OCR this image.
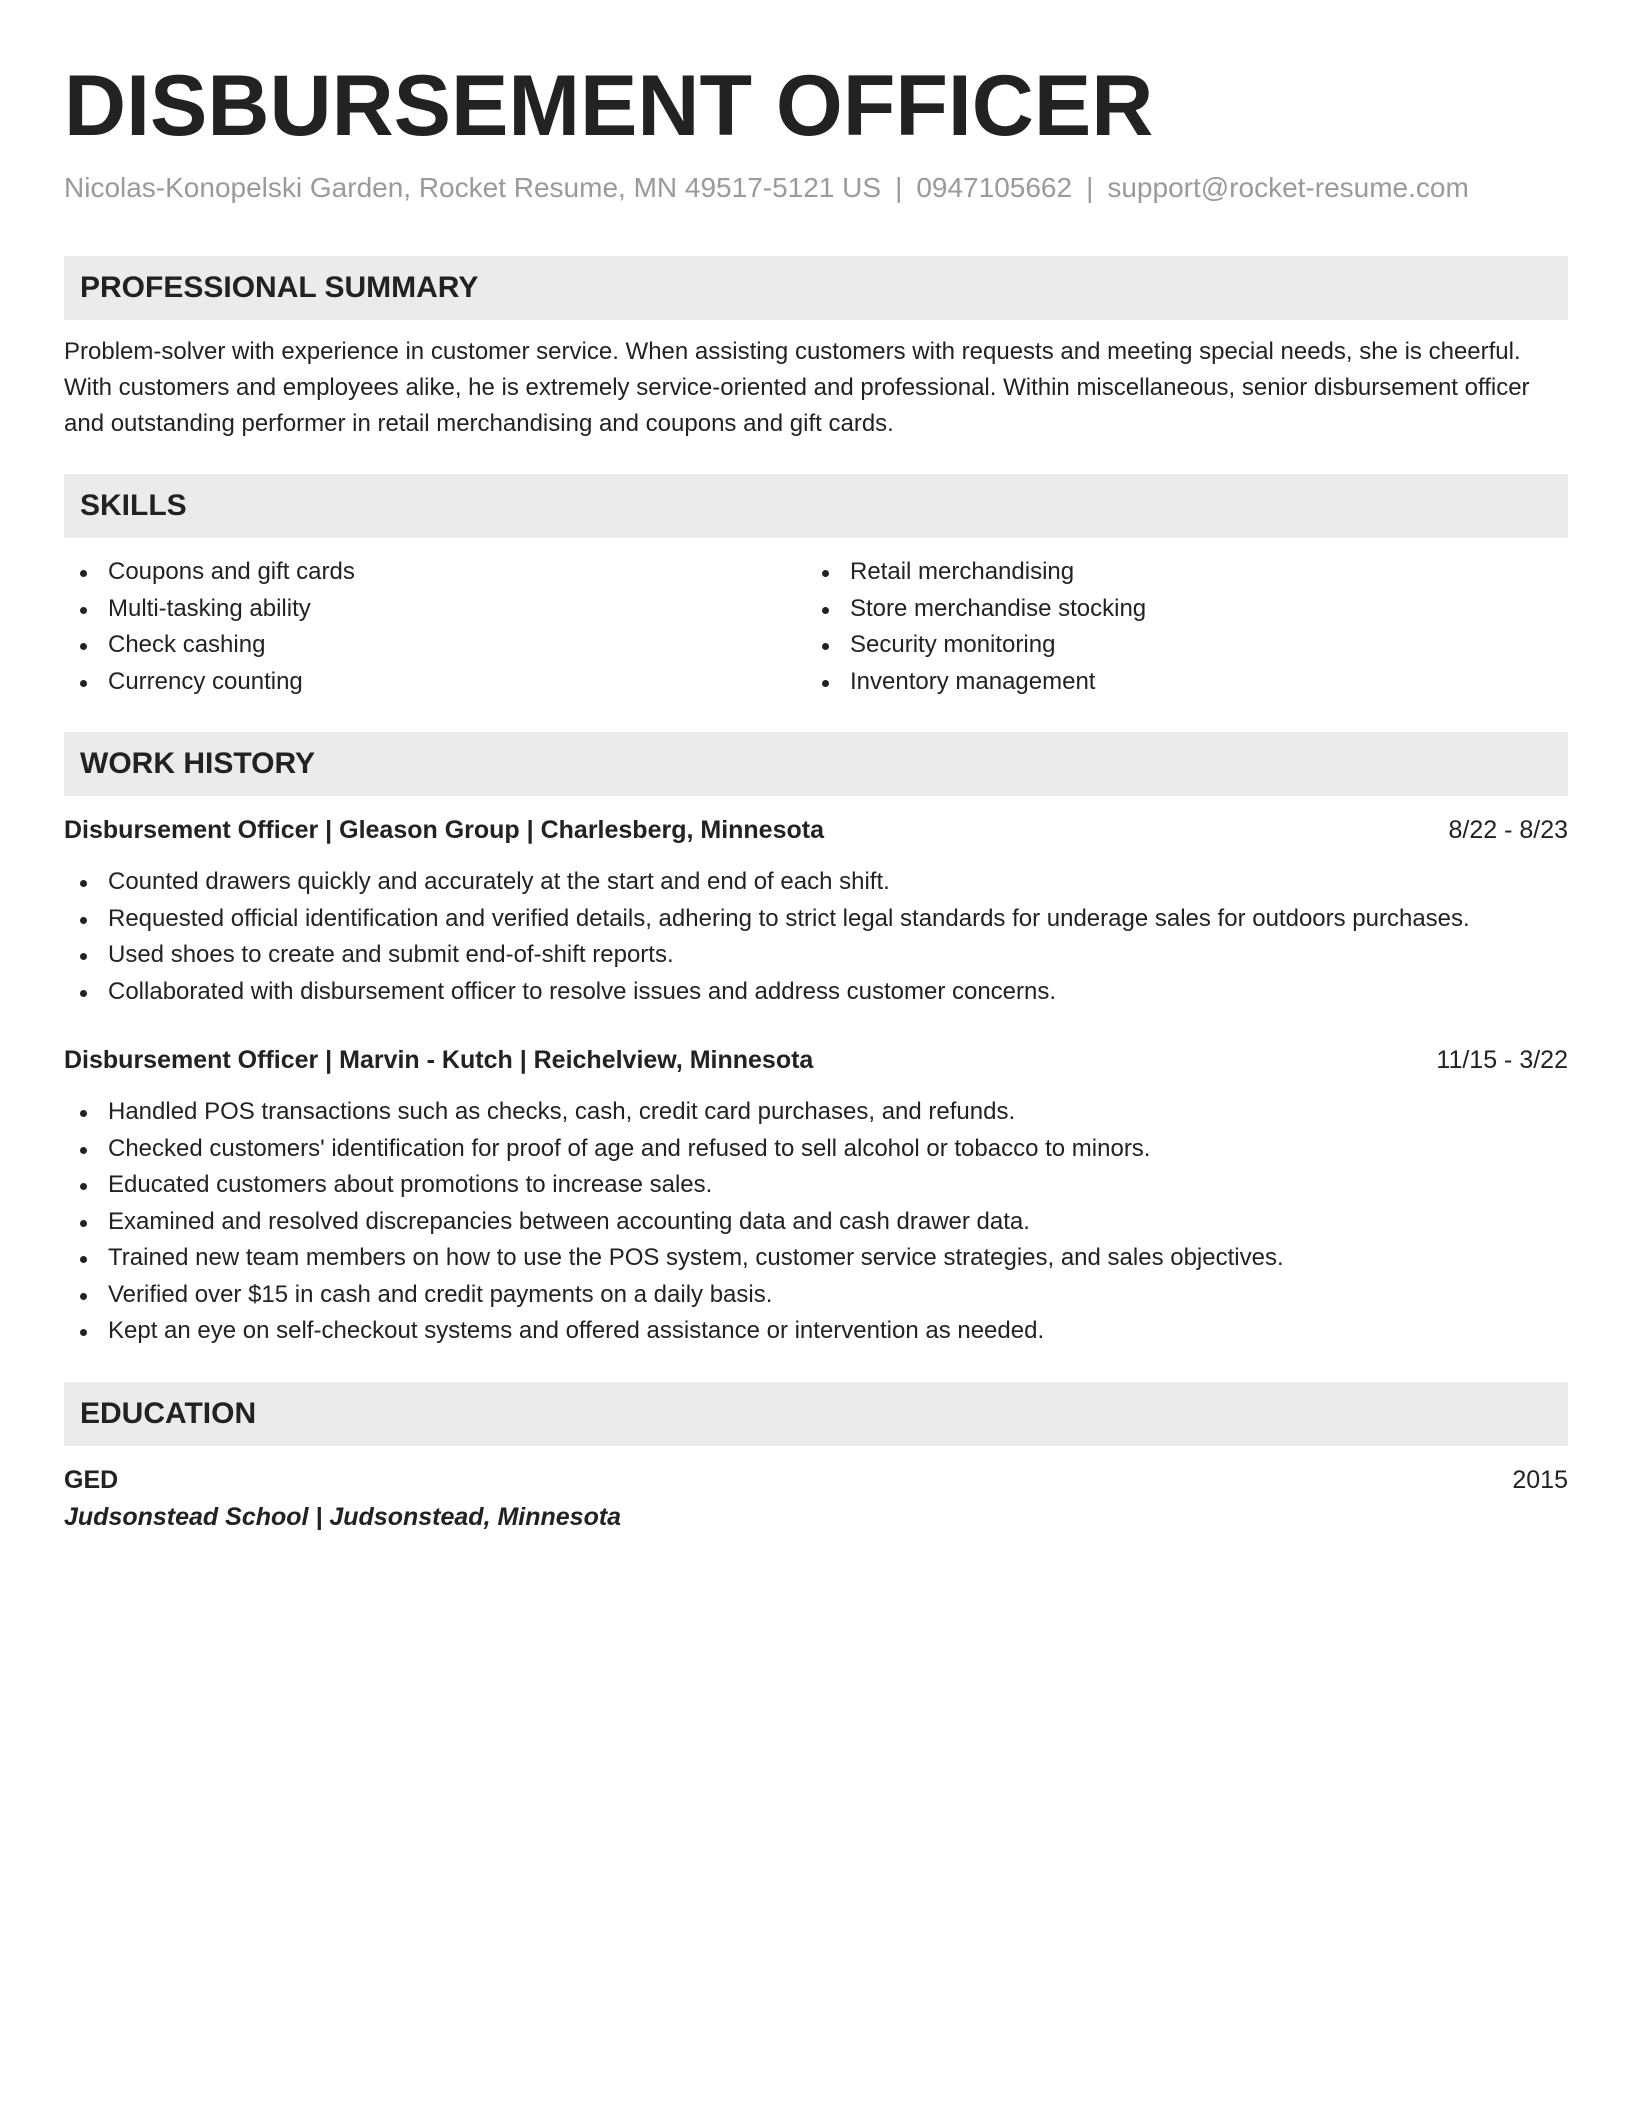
DISBURSEMENT OFFICER
Nicolas-Konopelski Garden, Rocket Resume, MN 49517-5121 US | 0947105662 | support@rocket-resume.com
PROFESSIONAL SUMMARY
Problem-solver with experience in customer service. When assisting customers with requests and meeting special needs, she is cheerful. With customers and employees alike, he is extremely service-oriented and professional. Within miscellaneous, senior disbursement officer and outstanding performer in retail merchandising and coupons and gift cards.
SKILLS
Coupons and gift cards
Multi-tasking ability
Check cashing
Currency counting
Retail merchandising
Store merchandise stocking
Security monitoring
Inventory management
WORK HISTORY
Disbursement Officer | Gleason Group | Charlesberg, Minnesota	8/22 - 8/23
Counted drawers quickly and accurately at the start and end of each shift.
Requested official identification and verified details, adhering to strict legal standards for underage sales for outdoors purchases.
Used shoes to create and submit end-of-shift reports.
Collaborated with disbursement officer to resolve issues and address customer concerns.
Disbursement Officer | Marvin - Kutch | Reichelview, Minnesota	11/15 - 3/22
Handled POS transactions such as checks, cash, credit card purchases, and refunds.
Checked customers' identification for proof of age and refused to sell alcohol or tobacco to minors.
Educated customers about promotions to increase sales.
Examined and resolved discrepancies between accounting data and cash drawer data.
Trained new team members on how to use the POS system, customer service strategies, and sales objectives.
Verified over $15 in cash and credit payments on a daily basis.
Kept an eye on self-checkout systems and offered assistance or intervention as needed.
EDUCATION
GED	2015
Judsonstead School | Judsonstead, Minnesota
